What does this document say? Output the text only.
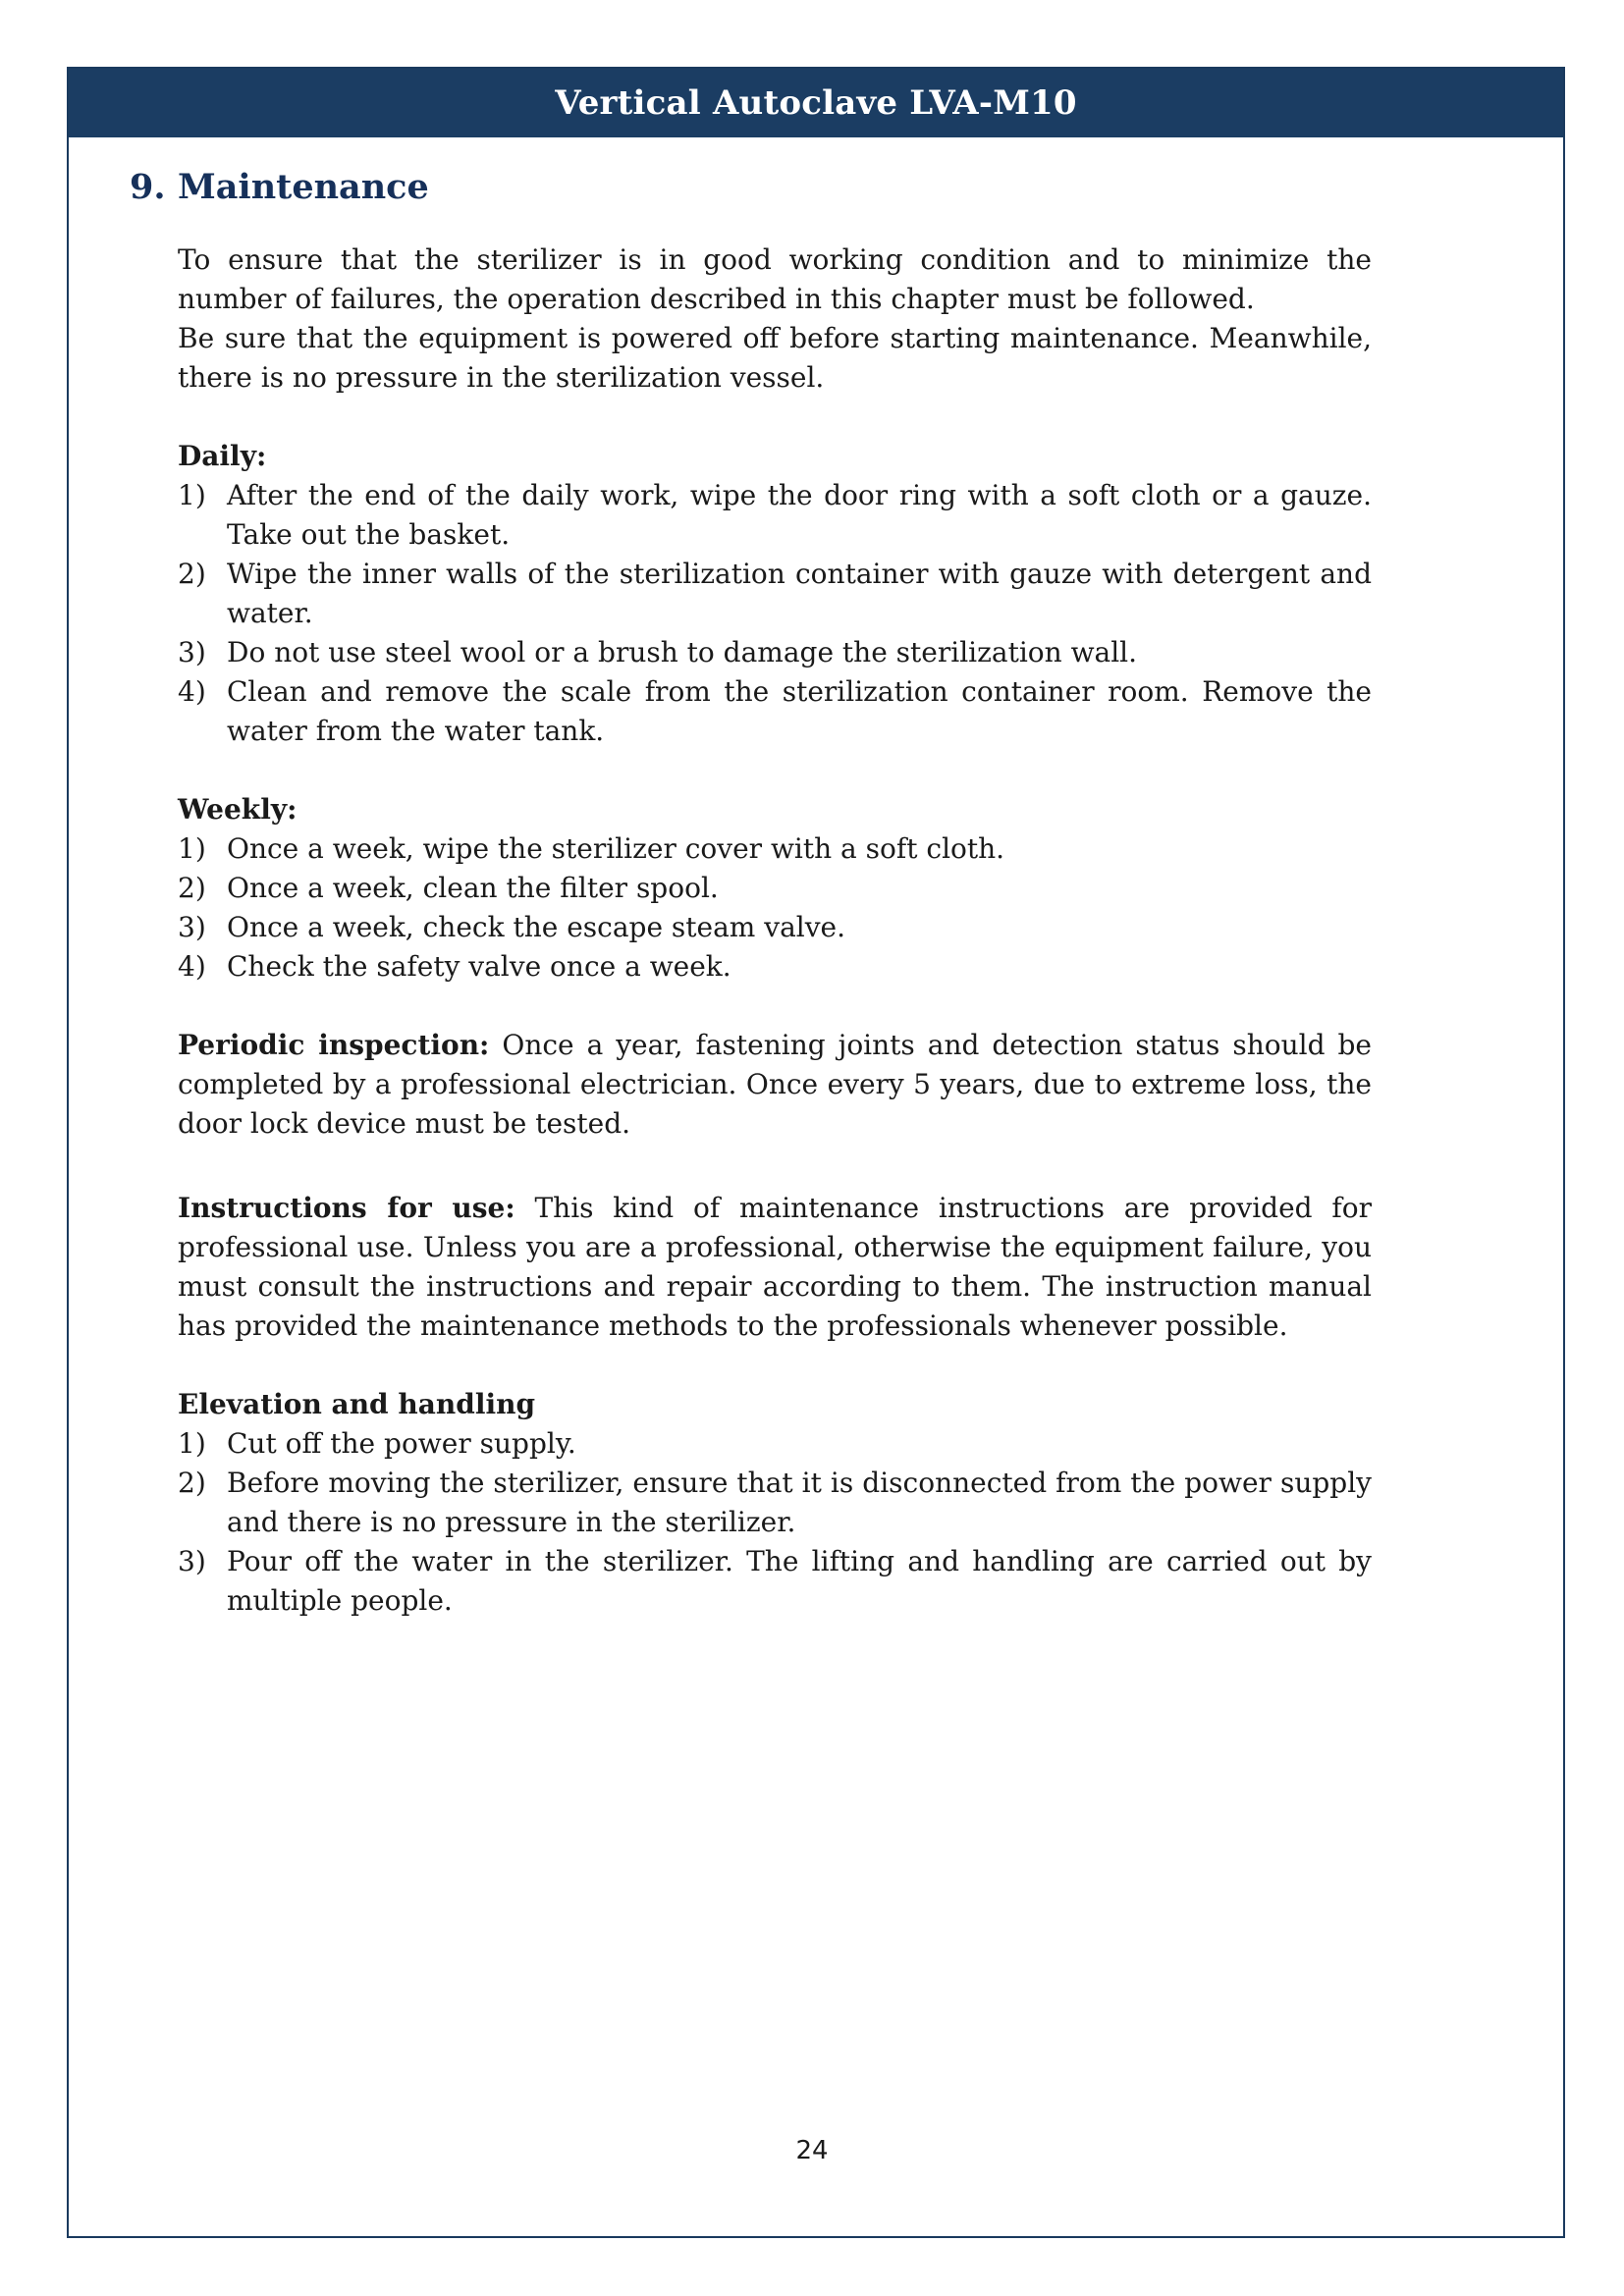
Vertical Autoclave LVA-M10
9. Maintenance

To ensure that the sterilizer is in good working condition and to minimize the number of failures, the operation described in this chapter must be followed.

Be sure that the equipment is powered off before starting maintenance. Meanwhile, there is no pressure in the sterilization vessel.

Daily:

1) After the end of the daily work, wipe the door ring with a soft cloth or a gauze. Take out the basket.
2) Wipe the inner walls of the sterilization container with gauze with detergent and water.
3) Do not use steel wool or a brush to damage the sterilization wall.
4) Clean and remove the scale from the sterilization container room. Remove the water from the water tank.

Weekly:

1) Once a week, wipe the sterilizer cover with a soft cloth.
2) Once a week, clean the filter spool.
3) Once a week, check the escape steam valve.
4) Check the safety valve once a week.

Periodic inspection: Once a year, fastening joints and detection status should be completed by a professional electrician. Once every 5 years, due to extreme loss, the door lock device must be tested.

Instructions for use: This kind of maintenance instructions are provided for professional use. Unless you are a professional, otherwise the equipment failure, you must consult the instructions and repair according to them. The instruction manual has provided the maintenance methods to the professionals whenever possible.

Elevation and handling

1) Cut off the power supply.
2) Before moving the sterilizer, ensure that it is disconnected from the power supply and there is no pressure in the sterilizer.
3) Pour off the water in the sterilizer. The lifting and handling are carried out by multiple people.
24
